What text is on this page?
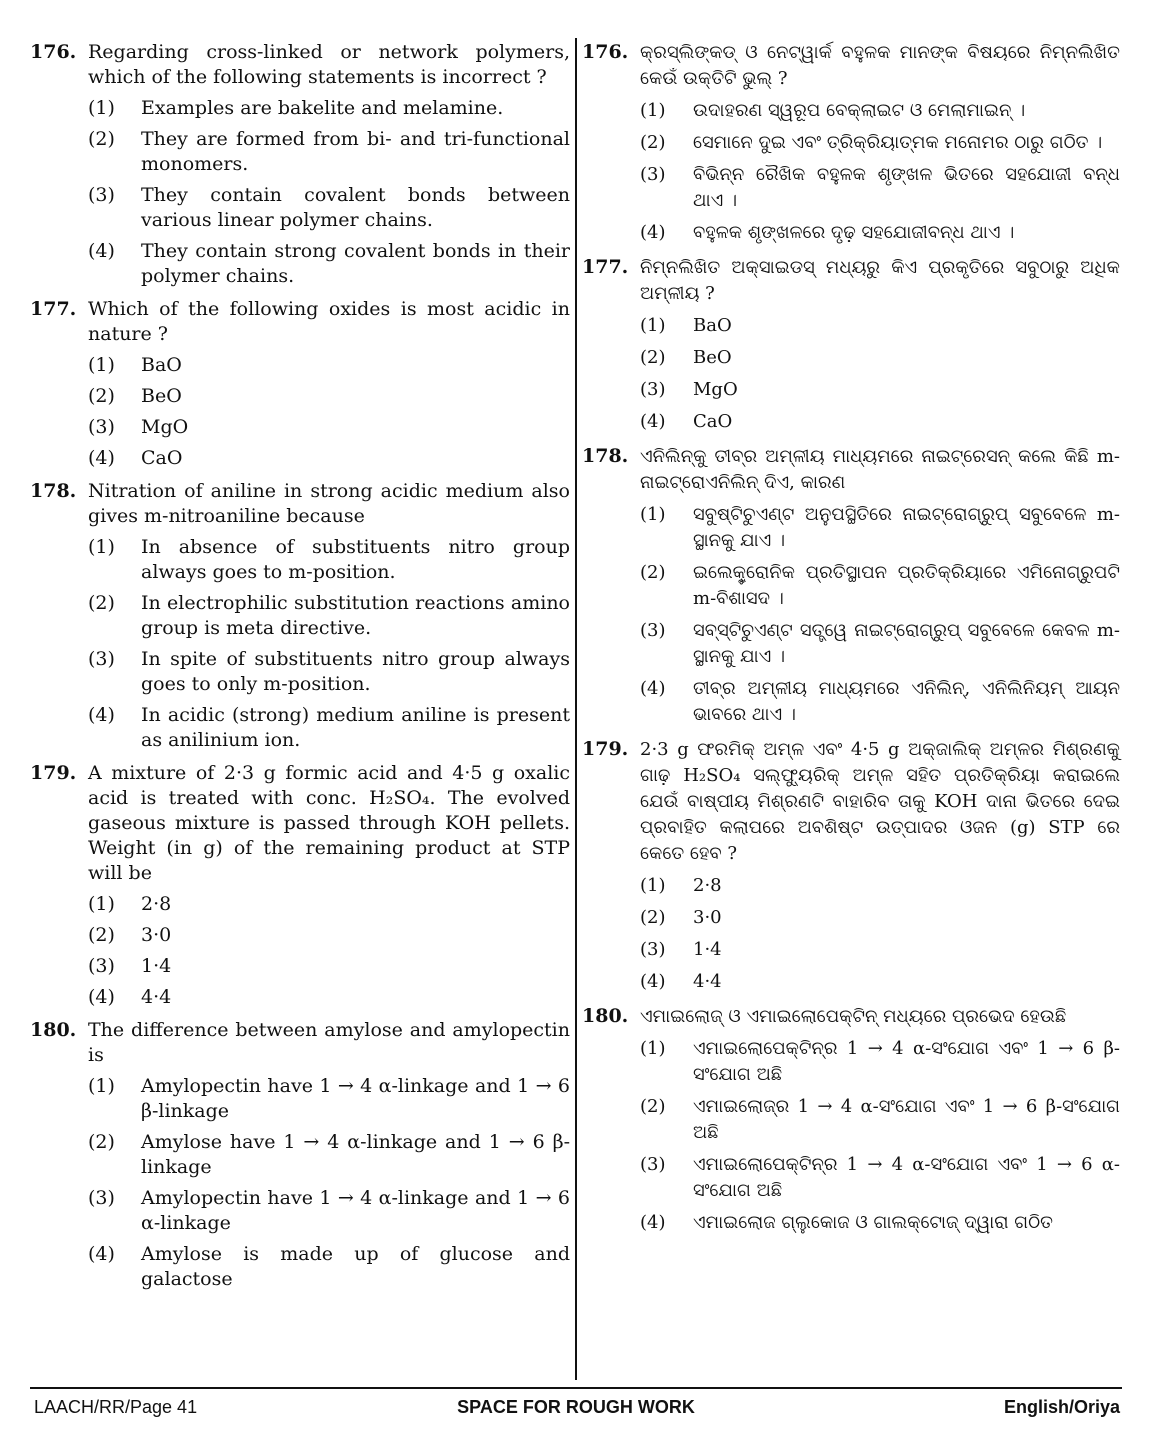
176. Regarding cross-linked or network polymers, which of the following statements is incorrect ?
(1) Examples are bakelite and melamine.
(2) They are formed from bi- and tri-functional monomers.
(3) They contain covalent bonds between various linear polymer chains.
(4) They contain strong covalent bonds in their polymer chains.
177. Which of the following oxides is most acidic in nature ?
(1) BaO
(2) BeO
(3) MgO
(4) CaO
178. Nitration of aniline in strong acidic medium also gives m-nitroaniline because
(1) In absence of substituents nitro group always goes to m-position.
(2) In electrophilic substitution reactions amino group is meta directive.
(3) In spite of substituents nitro group always goes to only m-position.
(4) In acidic (strong) medium aniline is present as anilinium ion.
179. A mixture of 2·3 g formic acid and 4·5 g oxalic acid is treated with conc. H₂SO₄. The evolved gaseous mixture is passed through KOH pellets. Weight (in g) of the remaining product at STP will be
(1) 2·8
(2) 3·0
(3) 1·4
(4) 4·4
180. The difference between amylose and amylopectin is
(1) Amylopectin have 1 → 4 α-linkage and 1 → 6 β-linkage
(2) Amylose have 1 → 4 α-linkage and 1 → 6 β-linkage
(3) Amylopectin have 1 → 4 α-linkage and 1 → 6 α-linkage
(4) Amylose is made up of glucose and galactose
176. କ୍ରସ୍‌ଲିଙ୍କଡ୍‌ ଓ ନେଟ୍‌ୱାର୍କ ବହୁଳକ ମାନଙ୍କ ବିଷୟରେ ନିମ୍ନଲିଖିତ କେଉଁ ଉକ୍ତିଟି ଭୁଲ୍‌ ?
(1) ଉଦାହରଣ ସ୍ୱରୂପ ବେକ୍‌ଲାଇଟ ଓ ମେଲାମାଇନ୍‌ ।
(2) ସେମାନେ ଦୁଇ ଏବଂ ତ୍ରିକ୍ରିୟାତ୍ମକ ମନୋମର ଠାରୁ ଗଠିତ ।
(3) ବିଭିନ୍ନ ରୈଖିକ ବହୁଳକ ଶୃଙ୍ଖଳ ଭିତରେ ସହଯୋଜୀ ବନ୍ଧ ଥାଏ ।
(4) ବହୁଳକ ଶୃଙ୍ଖଳରେ ଦୃଢ଼ ସହଯୋଜୀବନ୍ଧ ଥାଏ ।
177. ନିମ୍ନଲିଖିତ ଅକ୍ସାଇଡସ୍‌ ମଧ୍ୟରୁ କିଏ ପ୍ରକୃତିରେ ସବୁଠାରୁ ଅଧିକ ଅମ୍ଳୀୟ ?
(1) BaO
(2) BeO
(3) MgO
(4) CaO
178. ଏନିଲିନ୍‌କୁ ତୀବ୍ର ଅମ୍ଳୀୟ ମାଧ୍ୟମରେ ନାଇଟ୍ରେସନ୍‌ କଲେ କିଛି m-ନାଇଟ୍ରୋଏନିଲିନ୍‌ ଦିଏ, କାରଣ
(1) ସବୁଷ୍ଟିଚୁଏଣ୍ଟ ଅନୁପସ୍ଥିତିରେ ନାଇଟ୍ରୋଗ୍ରୁପ୍‌ ସବୁବେଳେ m-ସ୍ଥାନକୁ ଯାଏ ।
(2) ଇଲେକ୍ଟ୍ରୋନିକ ପ୍ରତିସ୍ଥାପନ ପ୍ରତିକ୍ରିୟାରେ ଏମିନୋଗ୍ରୁପଟି m-ବିଶାସଦ ।
(3) ସବ୍‌ସ୍ଟିଚୁଏଣ୍ଟ ସତ୍ତ୍ୱେ ନାଇଟ୍ରୋଗ୍ରୁପ୍‌ ସବୁବେଳେ କେବଳ m-ସ୍ଥାନକୁ ଯାଏ ।
(4) ତୀବ୍ର ଅମ୍ଳୀୟ ମାଧ୍ୟମରେ ଏନିଲିନ୍‌, ଏନିଲିନିୟମ୍‌ ଆୟନ ଭାବରେ ଥାଏ ।
179. 2·3 g ଫରମିକ୍‌ ଅମ୍ଳ ଏବଂ 4·5 g ଅକ୍‌ଜାଲିକ୍‌ ଅମ୍ଳର ମିଶ୍ରଣକୁ ଗାଢ଼ H₂SO₄ ସଲ୍‌ଫ୍ୟୁରିକ୍‌ ଅମ୍ଳ ସହିତ ପ୍ରତିକ୍ରିୟା କରାଇଲେ ଯେଉଁ ବାଷ୍ପୀୟ ମିଶ୍ରଣଟି ବାହାରିବ ତାକୁ KOH ଦାନା ଭିତରେ ଦେଇ ପ୍ରବାହିତ କଲାପରେ ଅବଶିଷ୍ଟ ଉତ୍ପାଦର ଓଜନ (g) STP ରେ କେତେ ହେବ ?
(1) 2·8
(2) 3·0
(3) 1·4
(4) 4·4
180. ଏମାଇଲୋଜ୍‌ ଓ ଏମାଇଲୋପେକ୍ଟିନ୍‌ ମଧ୍ୟରେ ପ୍ରଭେଦ ହେଉଛି
(1) ଏମାଇଲୋପେକ୍ଟିନ୍‌ର 1 → 4 α-ସଂଯୋଗ ଏବଂ 1 → 6 β-ସଂଯୋଗ ଅଛି
(2) ଏମାଇଲୋଜ୍‌ର 1 → 4 α-ସଂଯୋଗ ଏବଂ 1 → 6 β-ସଂଯୋଗ ଅଛି
(3) ଏମାଇଲୋପେକ୍ଟିନ୍‌ର 1 → 4 α-ସଂଯୋଗ ଏବଂ 1 → 6 α-ସଂଯୋଗ ଅଛି
(4) ଏମାଇଲୋଜ ଗ୍ଲୁକୋଜ ଓ ଗାଲକ୍‌ଟୋଜ୍‌ ଦ୍ୱାରା ଗଠିତ
LAACH/RR/Page 41	SPACE FOR ROUGH WORK	English/Oriya
